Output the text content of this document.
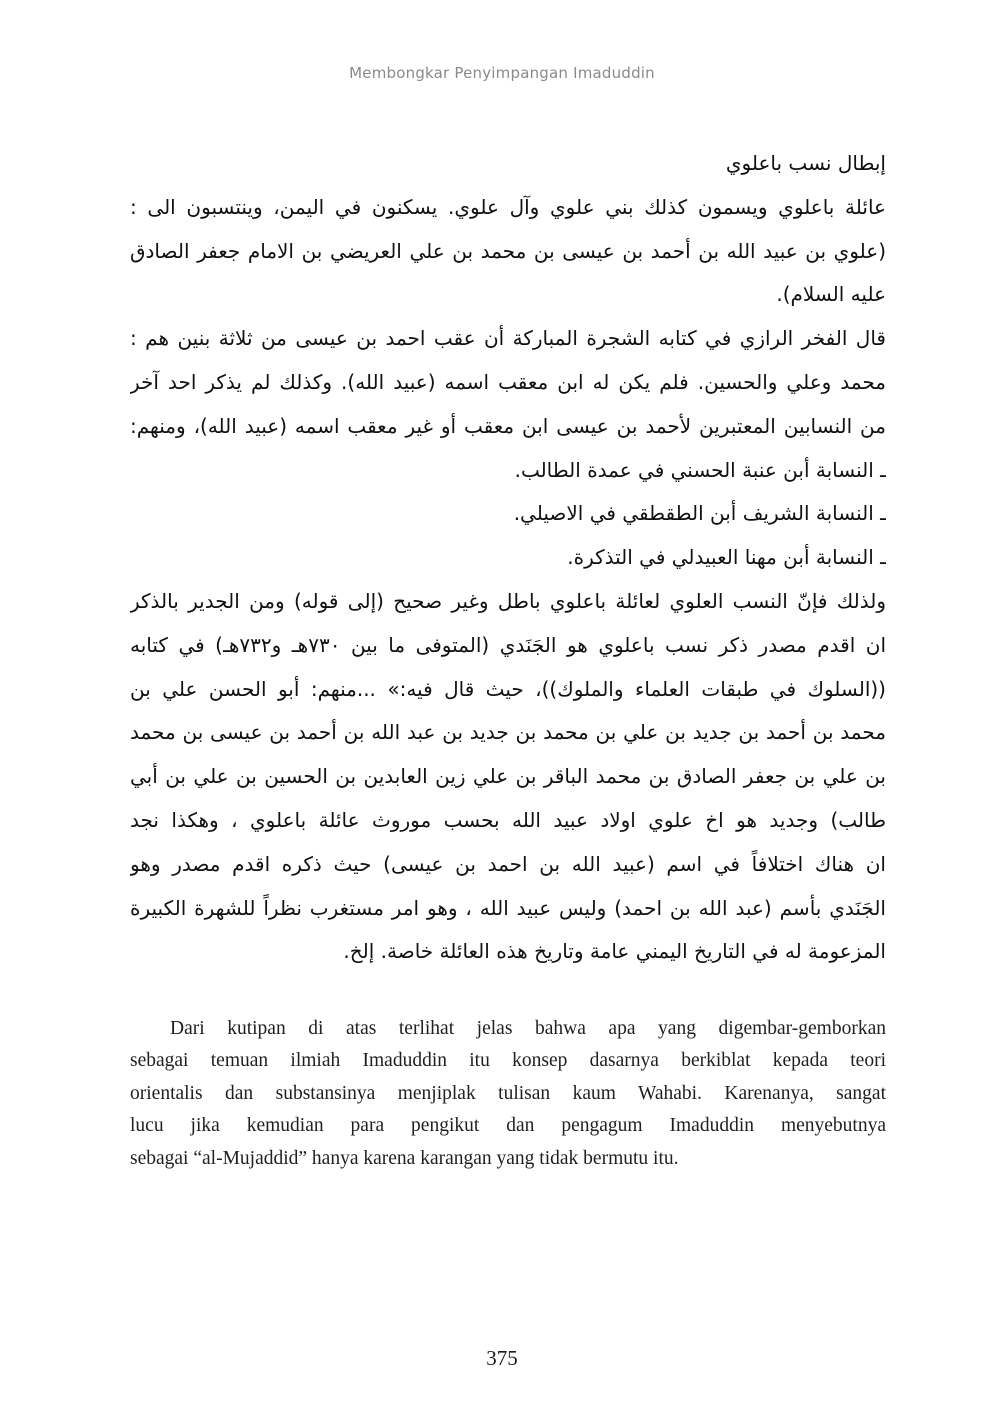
Membongkar Penyimpangan Imaduddin
إبطال نسب باعلوي
عائلة باعلوي ويسمون كذلك بني علوي وآل علوي. يسكنون في اليمن، وينتسبون الى :
(علوي بن عبيد الله بن أحمد بن عيسى بن محمد بن علي العريضي بن الامام جعفر الصادق
عليه السلام).
قال الفخر الرازي في كتابه الشجرة المباركة أن عقب احمد بن عيسى من ثلاثة بنين هم :
محمد وعلي والحسين. فلم يكن له ابن معقب اسمه (عبيد الله). وكذلك لم يذكر احد آخر
من النسابين المعتبرين لأحمد بن عيسى ابن معقب أو غير معقب اسمه (عبيد الله)، ومنهم:
ـ النسابة أبن عنبة الحسني في عمدة الطالب.
ـ النسابة الشريف أبن الطقطقي في الاصيلي.
ـ النسابة أبن مهنا العبيدلي في التذكرة.
ولذلك فإنّ النسب العلوي لعائلة باعلوي باطل وغير صحيح (إلى قوله) ومن الجدير بالذكر
ان اقدم مصدر ذكر نسب باعلوي هو الجَنَدي (المتوفى ما بين ٧٣٠هـ و٧٣٢هـ) في كتابه
((السلوك في طبقات العلماء والملوك))، حيث قال فيه:» ...منهم: أبو الحسن علي بن
محمد بن أحمد بن جديد بن علي بن محمد بن جديد بن عبد الله بن أحمد بن عيسى بن محمد
بن علي بن جعفر الصادق بن محمد الباقر بن علي زين العابدين بن الحسين بن علي بن أبي
طالب) وجديد هو اخ علوي اولاد عبيد الله بحسب موروث عائلة باعلوي ، وهكذا نجد
ان هناك اختلافاً في اسم (عبيد الله بن احمد بن عيسى) حيث ذكره اقدم مصدر وهو
الجَنَدي بأسم (عبد الله بن احمد) وليس عبيد الله ، وهو امر مستغرب نظراً للشهرة الكبيرة
المزعومة له في التاريخ اليمني عامة وتاريخ هذه العائلة خاصة. إلخ.
Dari kutipan di atas terlihat jelas bahwa apa yang digembar-gemborkan
sebagai temuan ilmiah Imaduddin itu konsep dasarnya berkiblat kepada teori
orientalis dan substansinya menjiplak tulisan kaum Wahabi. Karenanya, sangat
lucu jika kemudian para pengikut dan pengagum Imaduddin menyebutnya
sebagai “al-Mujaddid” hanya karena karangan yang tidak bermutu itu.
375
